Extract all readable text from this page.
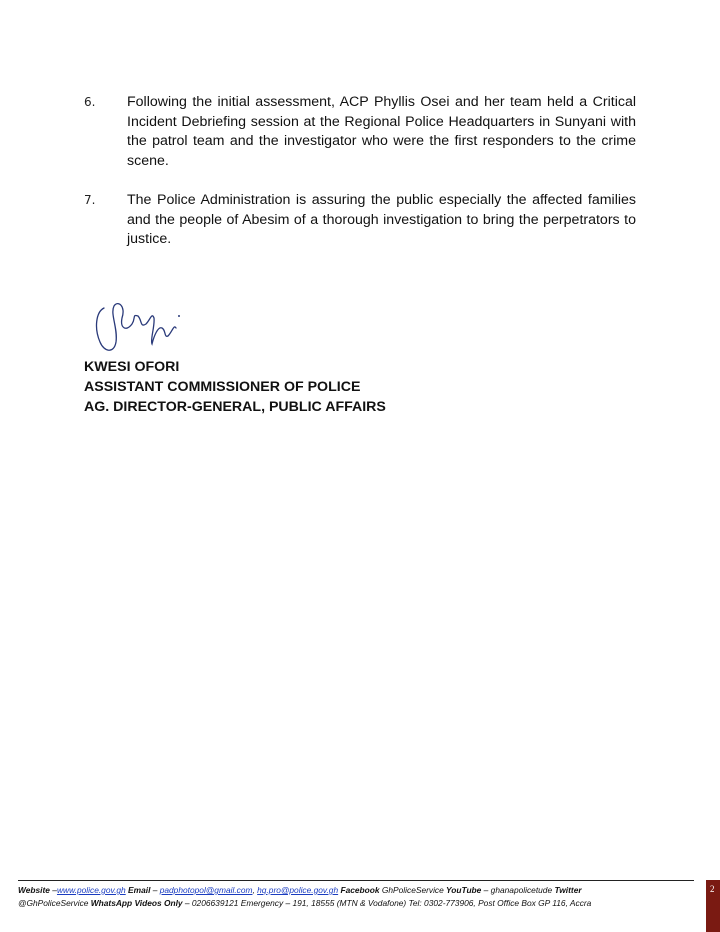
6. Following the initial assessment, ACP Phyllis Osei and her team held a Critical Incident Debriefing session at the Regional Police Headquarters in Sunyani with the patrol team and the investigator who were the first responders to the crime scene.
7. The Police Administration is assuring the public especially the affected families and the people of Abesim of a thorough investigation to bring the perpetrators to justice.
KWESI OFORI
ASSISTANT COMMISSIONER OF POLICE
AG. DIRECTOR-GENERAL, PUBLIC AFFAIRS
Website –www.police.gov.gh Email – padphotopol@gmail.com, hq.pro@police.gov.gh Facebook GhPoliceService YouTube – ghanapolicetude Twitter
@GhPoliceService WhatsApp Videos Only – 0206639121 Emergency – 191, 18555 (MTN & Vodafone) Tel: 0302-773906, Post Office Box GP 116, Accra
2
